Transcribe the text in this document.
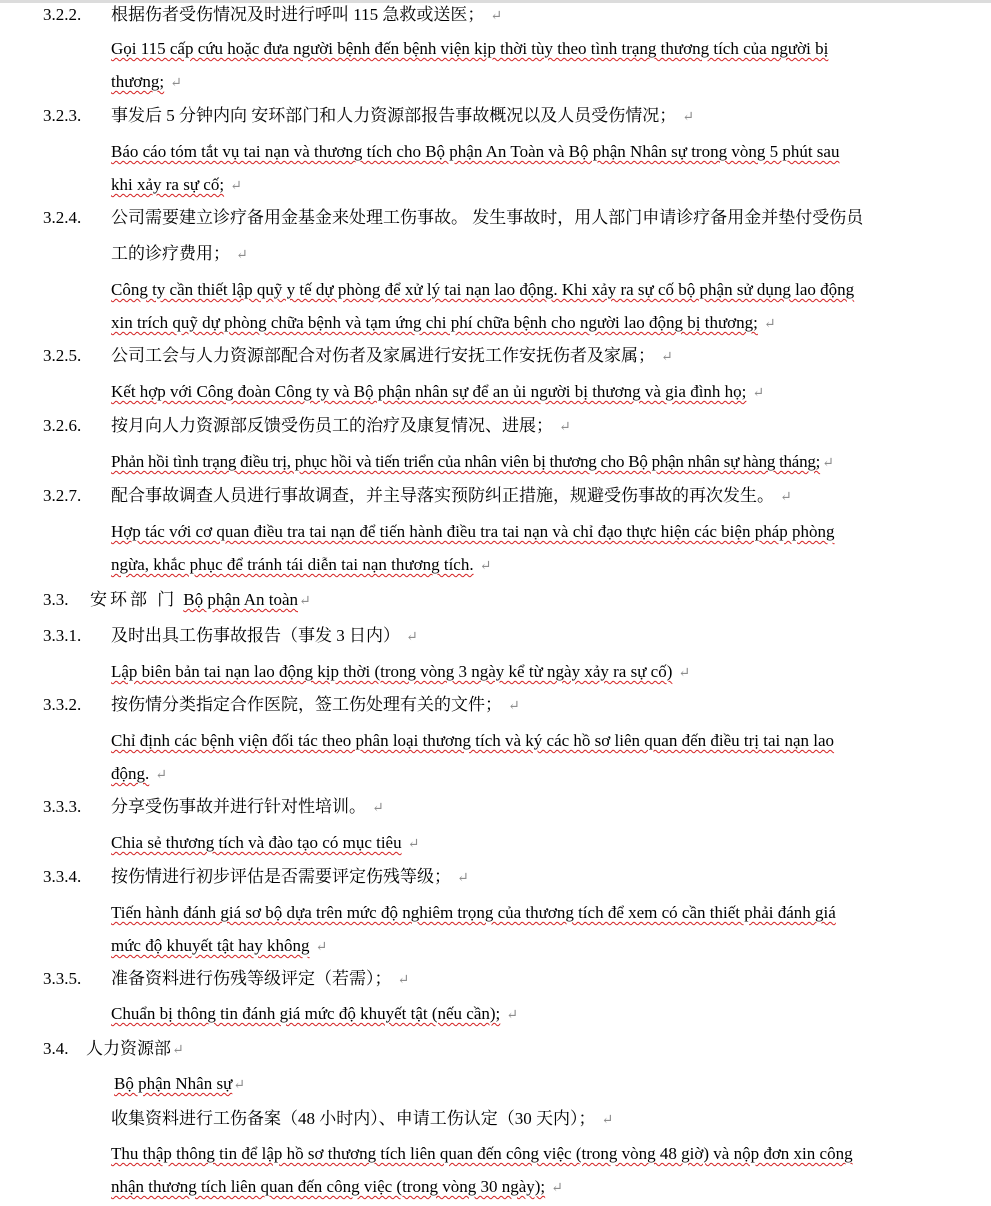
3.2.2. 根据伤者受伤情况及时进行呼叫 115 急救或送医； ↵
Gọi 115 cấp cứu hoặc đưa người bệnh đến bệnh viện kịp thời tùy theo tình trạng thương tích của người bị
thương; ↵
3.2.3. 事发后 5 分钟内向 安环部门和人力资源部报告事故概况以及人员受伤情况； ↵
Báo cáo tóm tắt vụ tai nạn và thương tích cho Bộ phận An Toàn và Bộ phận Nhân sự trong vòng 5 phút sau
khi xảy ra sự cố; ↵
3.2.4. 公司需要建立诊疗备用金基金来处理工伤事故。 发生事故时，用人部门申请诊疗备用金并垫付受伤员
工的诊疗费用； ↵
Công ty cần thiết lập quỹ y tế dự phòng để xử lý tai nạn lao động. Khi xảy ra sự cố bộ phận sử dụng lao động
xin trích quỹ dự phòng chữa bệnh và tạm ứng chi phí chữa bệnh cho người lao động bị thương; ↵
3.2.5. 公司工会与人力资源部配合对伤者及家属进行安抚工作安抚伤者及家属； ↵
Kết hợp với Công đoàn Công ty và Bộ phận nhân sự để an ủi người bị thương và gia đình họ; ↵
3.2.6. 按月向人力资源部反馈受伤员工的治疗及康复情况、进展； ↵
Phản hồi tình trạng điều trị, phục hồi và tiến triển của nhân viên bị thương cho Bộ phận nhân sự hàng tháng; ↵
3.2.7. 配合事故调查人员进行事故调查，并主导落实预防纠正措施，规避受伤事故的再次发生。 ↵
Hợp tác với cơ quan điều tra tai nạn để tiến hành điều tra tai nạn và chỉ đạo thực hiện các biện pháp phòng
ngừa, khắc phục để tránh tái diễn tai nạn thương tích. ↵
3.3. 安环部 门 Bộ phận An toàn↵
3.3.1. 及时出具工伤事故报告（事发 3 日内） ↵
Lập biên bản tai nạn lao động kịp thời (trong vòng 3 ngày kể từ ngày xảy ra sự cố) ↵
3.3.2. 按伤情分类指定合作医院，签工伤处理有关的文件； ↵
Chỉ định các bệnh viện đối tác theo phân loại thương tích và ký các hồ sơ liên quan đến điều trị tai nạn lao
động. ↵
3.3.3. 分享受伤事故并进行针对性培训。 ↵
Chia sẻ thương tích và đào tạo có mục tiêu ↵
3.3.4. 按伤情进行初步评估是否需要评定伤残等级； ↵
Tiến hành đánh giá sơ bộ dựa trên mức độ nghiêm trọng của thương tích để xem có cần thiết phải đánh giá
mức độ khuyết tật hay không ↵
3.3.5. 准备资料进行伤残等级评定（若需）； ↵
Chuẩn bị thông tin đánh giá mức độ khuyết tật (nếu cần); ↵
3.4. 人力资源部↵
Bộ phận Nhân sự↵
收集资料进行工伤备案（48 小时内）、申请工伤认定（30 天内）； ↵
Thu thập thông tin để lập hồ sơ thương tích liên quan đến công việc (trong vòng 48 giờ) và nộp đơn xin công
nhận thương tích liên quan đến công việc (trong vòng 30 ngày); ↵
